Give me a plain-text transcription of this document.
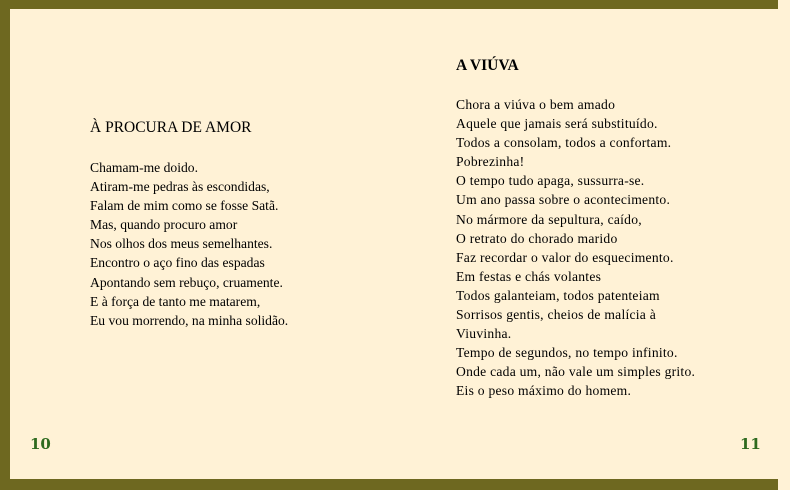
À PROCURA DE AMOR
Chamam-me doido.
Atiram-me pedras às escondidas,
Falam de mim como se fosse Satã.
Mas, quando procuro amor
Nos olhos dos meus semelhantes.
Encontro o aço fino das espadas
Apontando sem rebuço, cruamente.
E à força de tanto me matarem,
Eu vou morrendo, na minha solidão.
10
A VIÚVA
Chora a viúva o bem amado
Aquele que jamais será substituído.
Todos a consolam, todos a confortam.
Pobrezinha!
O tempo tudo apaga, sussurra-se.
Um ano passa sobre o acontecimento.
No mármore da sepultura, caído,
O retrato do chorado marido
Faz recordar o valor do esquecimento.
Em festas e chás volantes
Todos galanteiam, todos patenteiam
Sorrisos gentis, cheios de malícia à
Viuvinha.
Tempo de segundos, no tempo infinito.
Onde cada um, não vale um simples grito.
Eis o peso máximo do homem.
11
